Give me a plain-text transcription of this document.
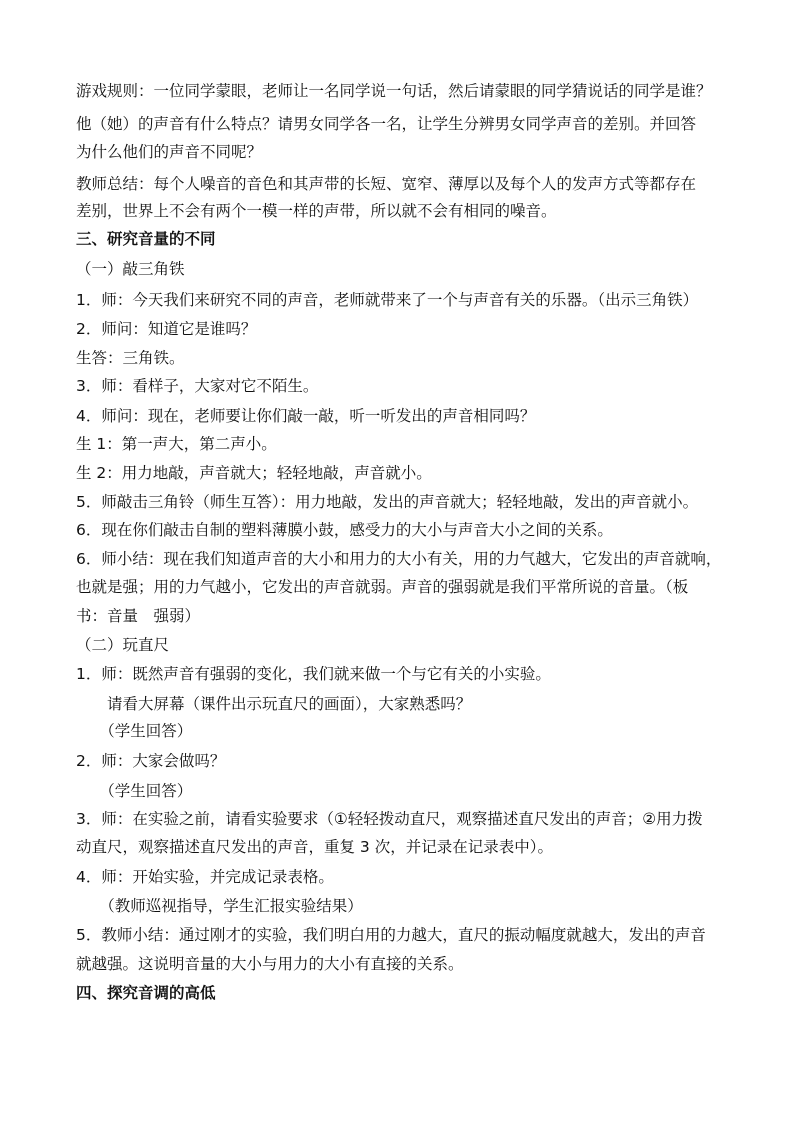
游戏规则：一位同学蒙眼，老师让一名同学说一句话，然后请蒙眼的同学猜说话的同学是谁？
他（她）的声音有什么特点？请男女同学各一名，让学生分辨男女同学声音的差别。并回答
为什么他们的声音不同呢？
教师总结：每个人噪音的音色和其声带的长短、宽窄、薄厚以及每个人的发声方式等都存在
差别，世界上不会有两个一模一样的声带，所以就不会有相同的噪音。
三、研究音量的不同
（一）敲三角铁
1．师：今天我们来研究不同的声音，老师就带来了一个与声音有关的乐器。（出示三角铁）
2．师问：知道它是谁吗？
生答：三角铁。
3．师：看样子，大家对它不陌生。
4．师问：现在，老师要让你们敲一敲，听一听发出的声音相同吗？
生 1：第一声大，第二声小。
生 2：用力地敲，声音就大；轻轻地敲，声音就小。
5．师敲击三角铃（师生互答）：用力地敲，发出的声音就大；轻轻地敲，发出的声音就小。
6．现在你们敲击自制的塑料薄膜小鼓，感受力的大小与声音大小之间的关系。
6．师小结：现在我们知道声音的大小和用力的大小有关，用的力气越大，它发出的声音就响，
也就是强；用的力气越小，它发出的声音就弱。声音的强弱就是我们平常所说的音量。（板
书：音量　强弱）
（二）玩直尺
1．师：既然声音有强弱的变化，我们就来做一个与它有关的小实验。
　　请看大屏幕（课件出示玩直尺的画面），大家熟悉吗？
　　（学生回答）
2．师：大家会做吗？
　　（学生回答）
3．师：在实验之前，请看实验要求（①轻轻拨动直尺，观察描述直尺发出的声音；②用力拨
动直尺，观察描述直尺发出的声音，重复 3 次，并记录在记录表中）。
4．师：开始实验，并完成记录表格。
　　（教师巡视指导，学生汇报实验结果）
5．教师小结：通过刚才的实验，我们明白用的力越大，直尺的振动幅度就越大，发出的声音
就越强。这说明音量的大小与用力的大小有直接的关系。
四、探究音调的高低
